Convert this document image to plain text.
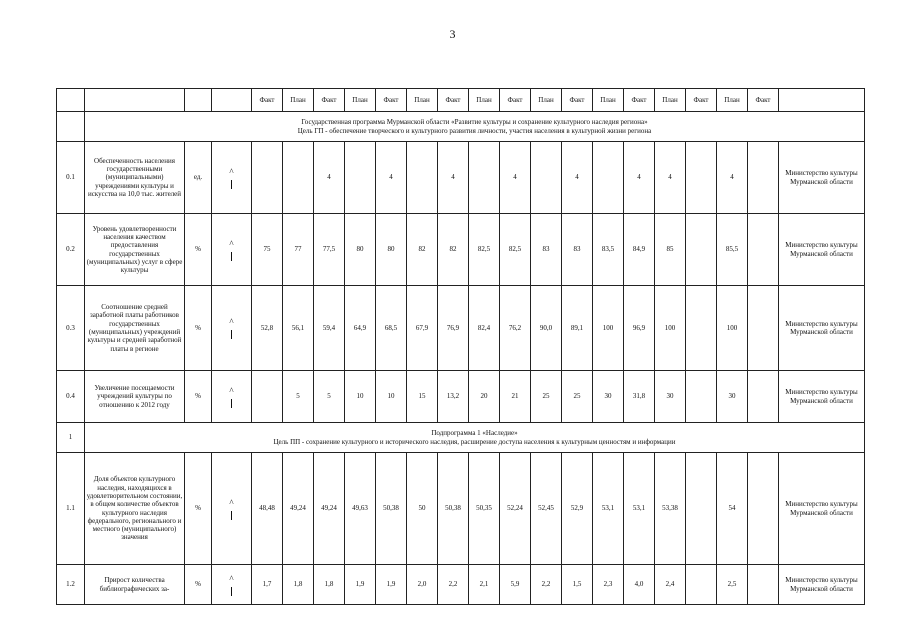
3
				Факт	План	Факт	План	Факт	План	Факт	План	Факт	План	Факт	План	Факт	План	Факт	План	Факт	

	Государственная программа Мурманской области «Развитие культуры и сохранение культурного наследия региона»
Цель ГП - обеспечение творческого и культурного развития личности, участия населения в культурной жизни региона																				

0.1	Обеспеченность населения государственными (муниципальными) учреждениями культуры и искусства на 10,0 тыс. жителей	ед.	^			4		4		4		4		4		4	4		4		Министерство культуры Мурманской области
0.2	Уровень удовлетворенности населения качеством предоставления государственных (муниципальных) услуг в сфере культуры	%	^	75	77	77,5	80	80	82	82	82,5	82,5	83	83	83,5	84,9	85		85,5		Министерство культуры Мурманской области
0.3	Соотношение средней заработной платы работников государственных (муниципальных) учреждений культуры и средней заработной платы в регионе	%	^	52,8	56,1	59,4	64,9	68,5	67,9	76,9	82,4	76,2	90,0	89,1	100	96,9	100		100		Министерство культуры Мурманской области
0.4	Увеличение посещаемости учреждений культуры по отношению к 2012 году	%	^		5	5	10	10	15	13,2	20	21	25	25	30	31,8	30		30		Министерство культуры Мурманской области
1	Подпрограмма 1 «Наследие»
Цель ПП - сохранение культурного и исторического наследия, расширение доступа населения к культурным ценностям и информации																				

1.1	Доля объектов культурного наследия, находящихся в удовлетворительном состоянии, в общем количестве объектов культурного наследия федерального, регионального и местного (муниципального) значения	%	^	48,48	49,24	49,24	49,63	50,38	50	50,38	50,35	52,24	52,45	52,9	53,1	53,1	53,38		54		Министерство культуры Мурманской области
1.2	Прирост количества библиографических за-	%	^	1,7	1,8	1,8	1,9	1,9	2,0	2,2	2,1	5,9	2,2	1,5	2,3	4,0	2,4		2,5		Министерство культуры Мурманской области
